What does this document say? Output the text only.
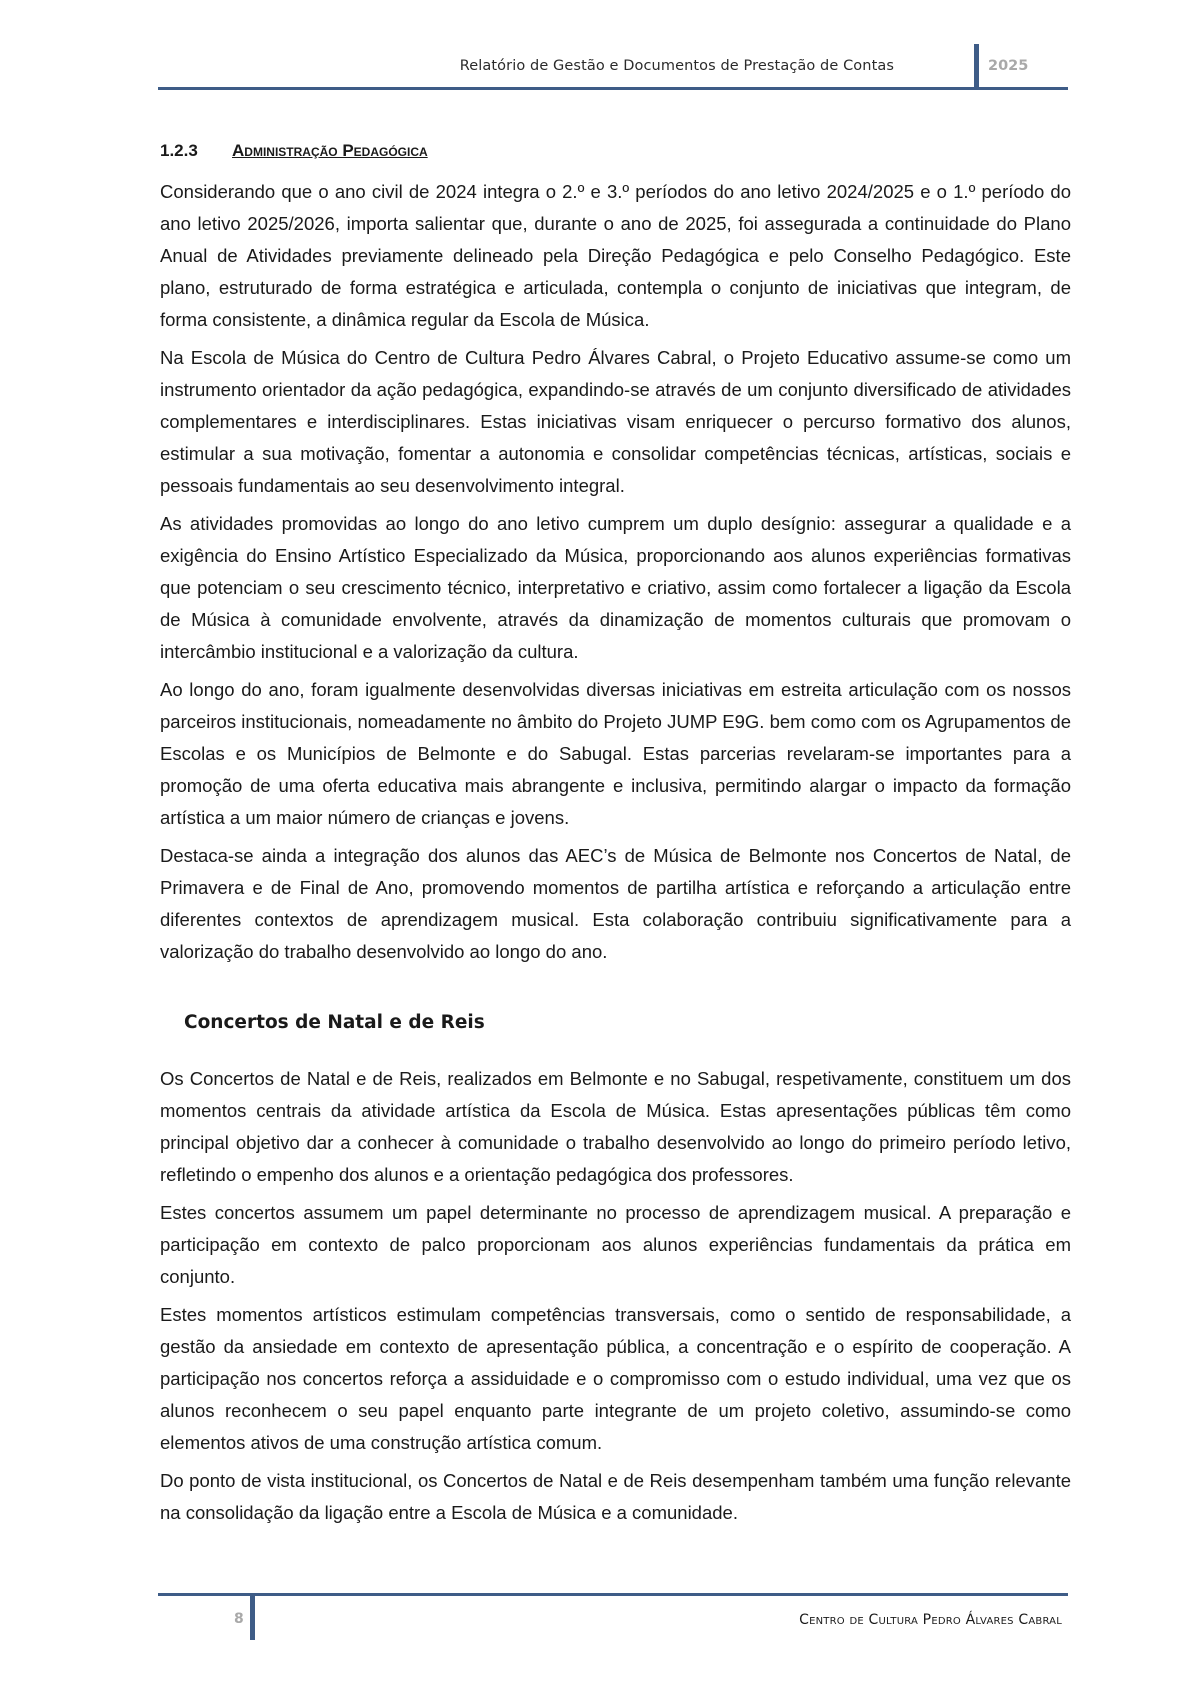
Relatório de Gestão e Documentos de Prestação de Contas	2025
1.2.3 Administração Pedagógica

Considerando que o ano civil de 2024 integra o 2.º e 3.º períodos do ano letivo 2024/2025 e o 1.º período do ano letivo 2025/2026, importa salientar que, durante o ano de 2025, foi assegurada a continuidade do Plano Anual de Atividades previamente delineado pela Direção Pedagógica e pelo Conselho Pedagógico. Este plano, estruturado de forma estratégica e articulada, contempla o conjunto de iniciativas que integram, de forma consistente, a dinâmica regular da Escola de Música.

Na Escola de Música do Centro de Cultura Pedro Álvares Cabral, o Projeto Educativo assume-se como um instrumento orientador da ação pedagógica, expandindo-se através de um conjunto diversificado de atividades complementares e interdisciplinares. Estas iniciativas visam enriquecer o percurso formativo dos alunos, estimular a sua motivação, fomentar a autonomia e consolidar competências técnicas, artísticas, sociais e pessoais fundamentais ao seu desenvolvimento integral.

As atividades promovidas ao longo do ano letivo cumprem um duplo desígnio: assegurar a qualidade e a exigência do Ensino Artístico Especializado da Música, proporcionando aos alunos experiências formativas que potenciam o seu crescimento técnico, interpretativo e criativo, assim como fortalecer a ligação da Escola de Música à comunidade envolvente, através da dinamização de momentos culturais que promovam o intercâmbio institucional e a valorização da cultura.

Ao longo do ano, foram igualmente desenvolvidas diversas iniciativas em estreita articulação com os nossos parceiros institucionais, nomeadamente no âmbito do Projeto JUMP E9G. bem como com os Agrupamentos de Escolas e os Municípios de Belmonte e do Sabugal. Estas parcerias revelaram-se importantes para a promoção de uma oferta educativa mais abrangente e inclusiva, permitindo alargar o impacto da formação artística a um maior número de crianças e jovens.

Destaca-se ainda a integração dos alunos das AEC’s de Música de Belmonte nos Concertos de Natal, de Primavera e de Final de Ano, promovendo momentos de partilha artística e reforçando a articulação entre diferentes contextos de aprendizagem musical. Esta colaboração contribuiu significativamente para a valorização do trabalho desenvolvido ao longo do ano.

Concertos de Natal e de Reis

Os Concertos de Natal e de Reis, realizados em Belmonte e no Sabugal, respetivamente, constituem um dos momentos centrais da atividade artística da Escola de Música. Estas apresentações públicas têm como principal objetivo dar a conhecer à comunidade o trabalho desenvolvido ao longo do primeiro período letivo, refletindo o empenho dos alunos e a orientação pedagógica dos professores.

Estes concertos assumem um papel determinante no processo de aprendizagem musical. A preparação e participação em contexto de palco proporcionam aos alunos experiências fundamentais da prática em conjunto.

Estes momentos artísticos estimulam competências transversais, como o sentido de responsabilidade, a gestão da ansiedade em contexto de apresentação pública, a concentração e o espírito de cooperação. A participação nos concertos reforça a assiduidade e o compromisso com o estudo individual, uma vez que os alunos reconhecem o seu papel enquanto parte integrante de um projeto coletivo, assumindo-se como elementos ativos de uma construção artística comum.

Do ponto de vista institucional, os Concertos de Natal e de Reis desempenham também uma função relevante na consolidação da ligação entre a Escola de Música e a comunidade.

8	Centro de Cultura Pedro Álvares Cabral
